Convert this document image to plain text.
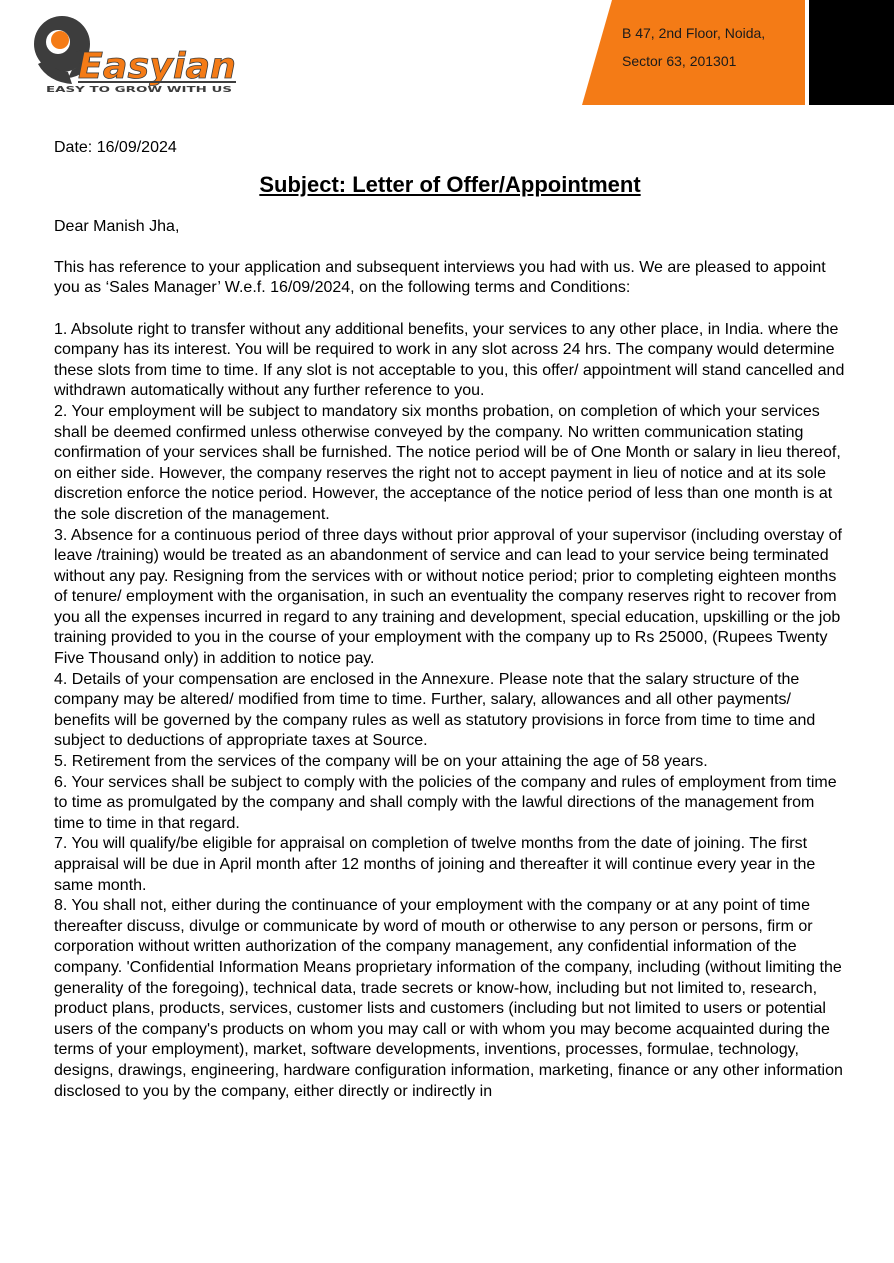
Easyian
EASY TO GROW WITH US
B 47, 2nd Floor, Noida,
Sector 63, 201301

Date: 16/09/2024

Subject: Letter of Offer/Appointment

Dear Manish Jha,

This has reference to your application and subsequent interviews you had with us. We are pleased to appoint you as ‘Sales Manager’ W.e.f. 16/09/2024, on the following terms and Conditions:

1. Absolute right to transfer without any additional benefits, your services to any other place, in India. where the company has its interest. You will be required to work in any slot across 24 hrs. The company would determine these slots from time to time. If any slot is not acceptable to you, this offer/ appointment will stand cancelled and withdrawn automatically without any further reference to you.

2. Your employment will be subject to mandatory six months probation, on completion of which your services shall be deemed confirmed unless otherwise conveyed by the company. No written communication stating confirmation of your services shall be furnished. The notice period will be of One Month or salary in lieu thereof, on either side. However, the company reserves the right not to accept payment in lieu of notice and at its sole discretion enforce the notice period. However, the acceptance of the notice period of less than one month is at the sole discretion of the management.

3. Absence for a continuous period of three days without prior approval of your supervisor (including overstay of leave /training) would be treated as an abandonment of service and can lead to your service being terminated without any pay. Resigning from the services with or without notice period; prior to completing eighteen months of tenure/ employment with the organisation, in such an eventuality the company reserves right to recover from you all the expenses incurred in regard to any training and development, special education, upskilling or the job training provided to you in the course of your employment with the company up to Rs 25000, (Rupees Twenty Five Thousand only) in addition to notice pay.

4. Details of your compensation are enclosed in the Annexure. Please note that the salary structure of the company may be altered/ modified from time to time. Further, salary, allowances and all other payments/ benefits will be governed by the company rules as well as statutory provisions in force from time to time and subject to deductions of appropriate taxes at Source.

5. Retirement from the services of the company will be on your attaining the age of 58 years.

6. Your services shall be subject to comply with the policies of the company and rules of employment from time to time as promulgated by the company and shall comply with the lawful directions of the management from time to time in that regard.

7. You will qualify/be eligible for appraisal on completion of twelve months from the date of joining. The first appraisal will be due in April month after 12 months of joining and thereafter it will continue every year in the same month.

8. You shall not, either during the continuance of your employment with the company or at any point of time thereafter discuss, divulge or communicate by word of mouth or otherwise to any person or persons, firm or corporation without written authorization of the company management, any confidential information of the company. 'Confidential Information Means proprietary information of the company, including (without limiting the generality of the foregoing), technical data, trade secrets or know-how, including but not limited to, research, product plans, products, services, customer lists and customers (including but not limited to users or potential users of the company's products on whom you may call or with whom you may become acquainted during the terms of your employment), market, software developments, inventions, processes, formulae, technology, designs, drawings, engineering, hardware configuration information, marketing, finance or any other information disclosed to you by the company, either directly or indirectly in
